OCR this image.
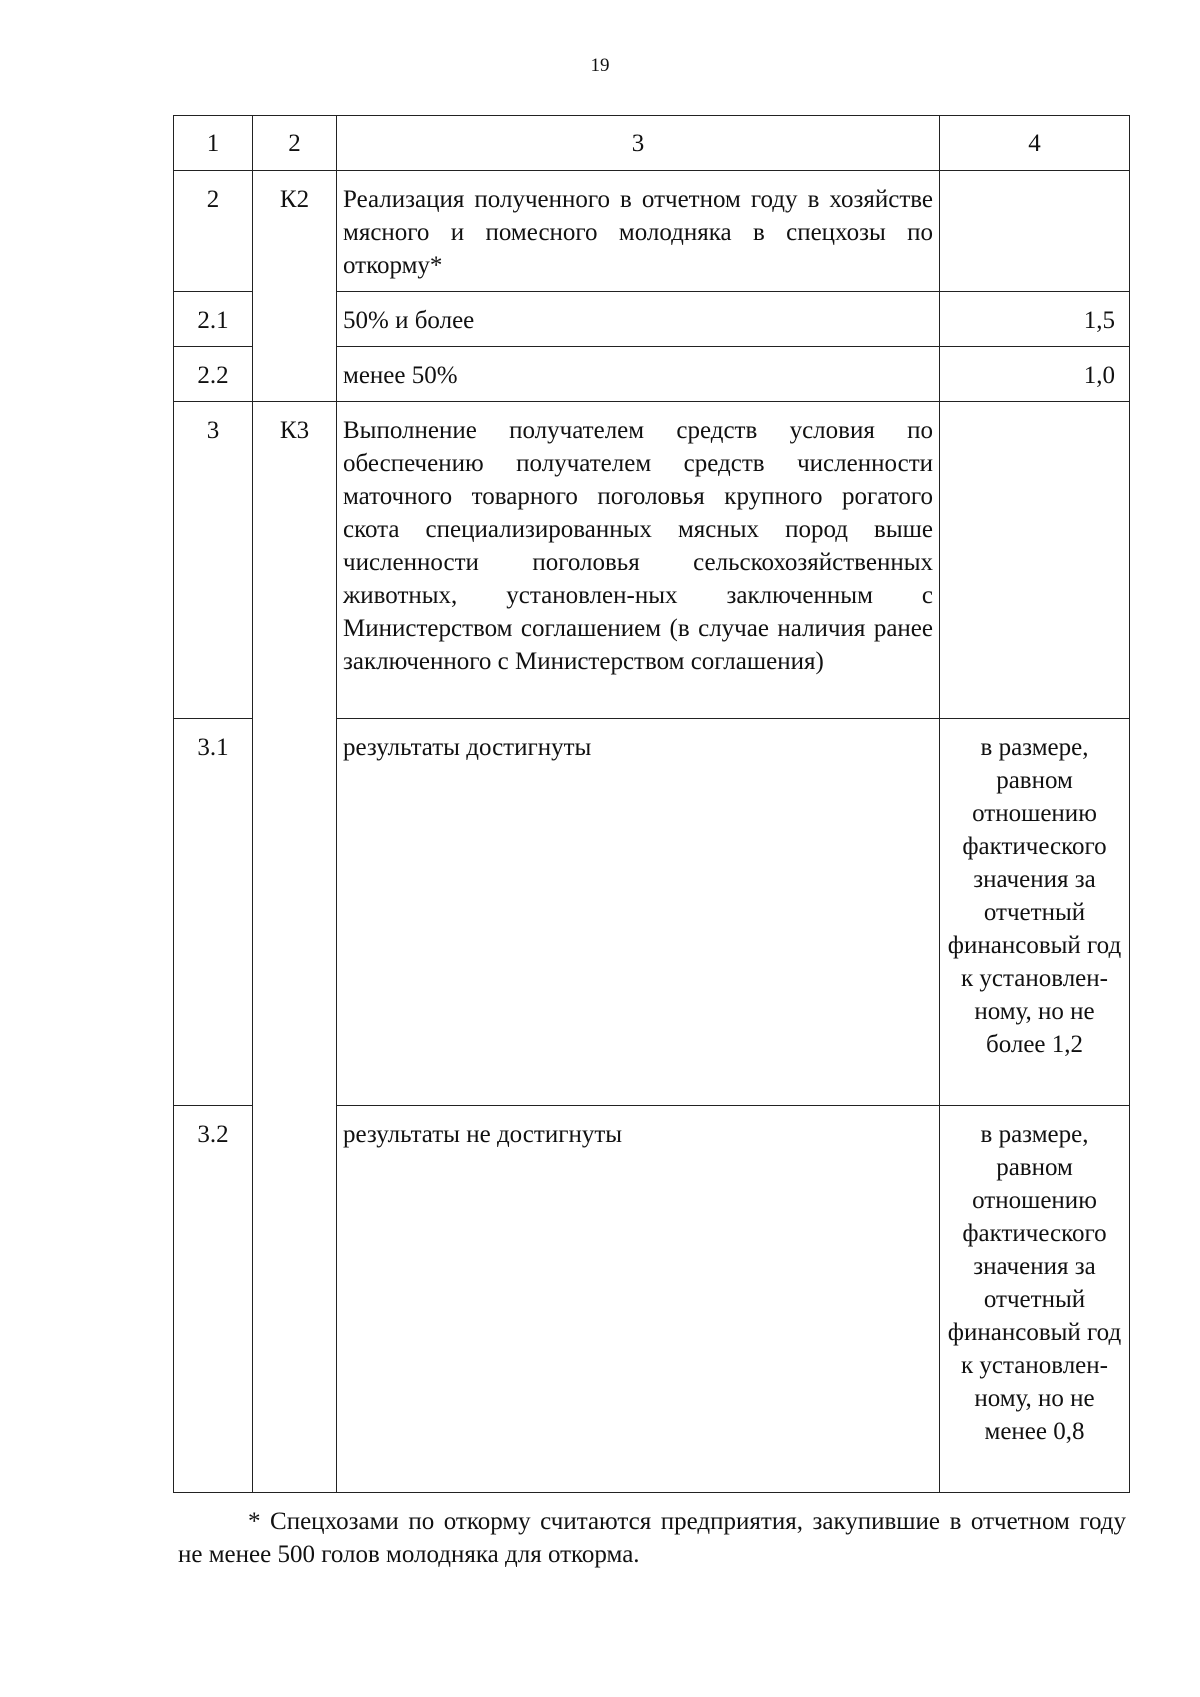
19
1	2	3	4
2	К2	Реализация полученного в отчетном году в хозяйстве мясного и помесного молодняка в спецхозы по откорму*	
2.1		50% и более	1,5
2.2		менее 50%	1,0
3	К3	Выполнение получателем средств условия по обеспечению получателем средств численности маточного товарного поголовья крупного рогатого скота специализированных мясных пород выше численности поголовья сельскохозяйственных животных, установлен-ных заключенным с Министерством соглашением (в случае наличия ранее заключенного с Министерством соглашения)	
3.1		результаты достигнуты	в размере, равном отношению фактического значения за отчетный финансовый год к установлен-ному, но не более 1,2
3.2		результаты не достигнуты	в размере, равном отношению фактического значения за отчетный финансовый год к установлен-ному, но не менее 0,8
* Спецхозами по откорму считаются предприятия, закупившие в отчетном году не менее 500 голов молодняка для откорма.
